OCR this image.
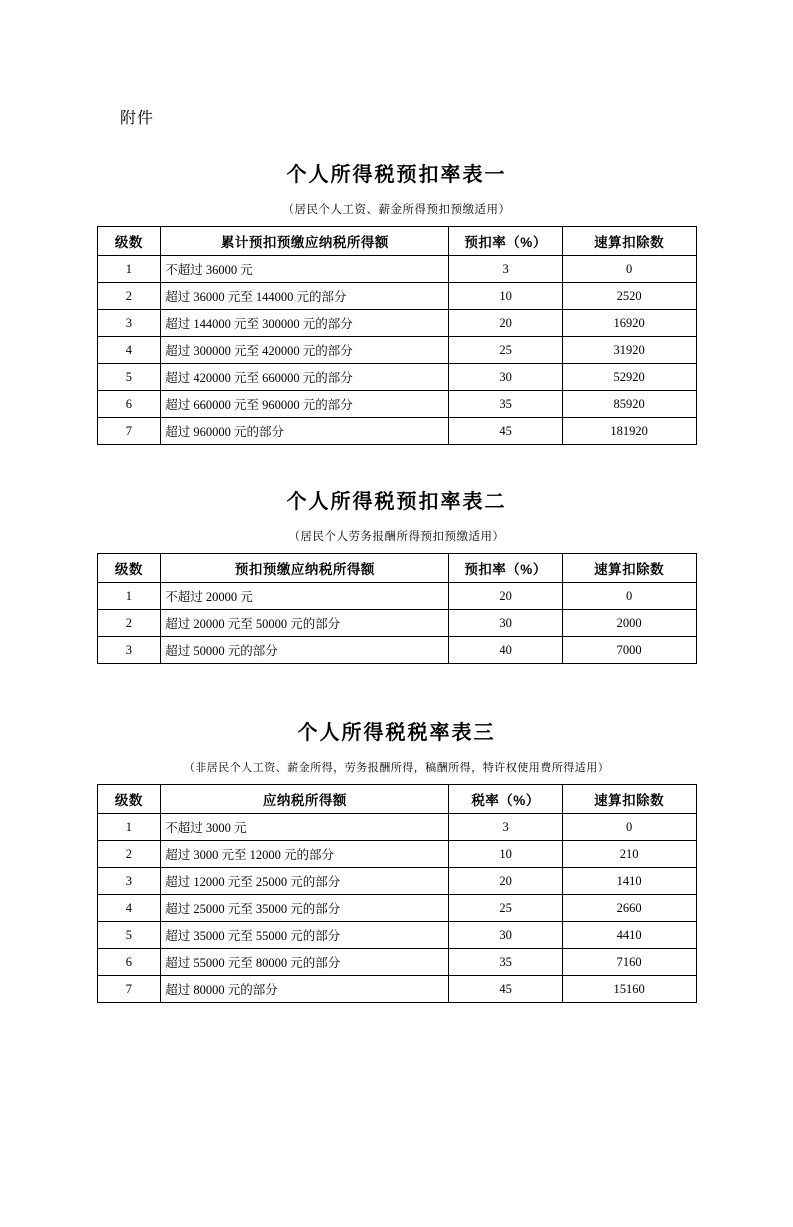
附件
个人所得税预扣率表一
（居民个人工资、薪金所得预扣预缴适用）
级数	累计预扣预缴应纳税所得额	预扣率（%）	速算扣除数
1	不超过 36000 元	3	0
2	超过 36000 元至 144000 元的部分	10	2520
3	超过 144000 元至 300000 元的部分	20	16920
4	超过 300000 元至 420000 元的部分	25	31920
5	超过 420000 元至 660000 元的部分	30	52920
6	超过 660000 元至 960000 元的部分	35	85920
7	超过 960000 元的部分	45	181920
个人所得税预扣率表二
（居民个人劳务报酬所得预扣预缴适用）
级数	预扣预缴应纳税所得额	预扣率（%）	速算扣除数
1	不超过 20000 元	20	0
2	超过 20000 元至 50000 元的部分	30	2000
3	超过 50000 元的部分	40	7000
个人所得税税率表三
（非居民个人工资、薪金所得，劳务报酬所得，稿酬所得，特许权使用费所得适用）
级数	应纳税所得额	税率（%）	速算扣除数
1	不超过 3000 元	3	0
2	超过 3000 元至 12000 元的部分	10	210
3	超过 12000 元至 25000 元的部分	20	1410
4	超过 25000 元至 35000 元的部分	25	2660
5	超过 35000 元至 55000 元的部分	30	4410
6	超过 55000 元至 80000 元的部分	35	7160
7	超过 80000 元的部分	45	15160
